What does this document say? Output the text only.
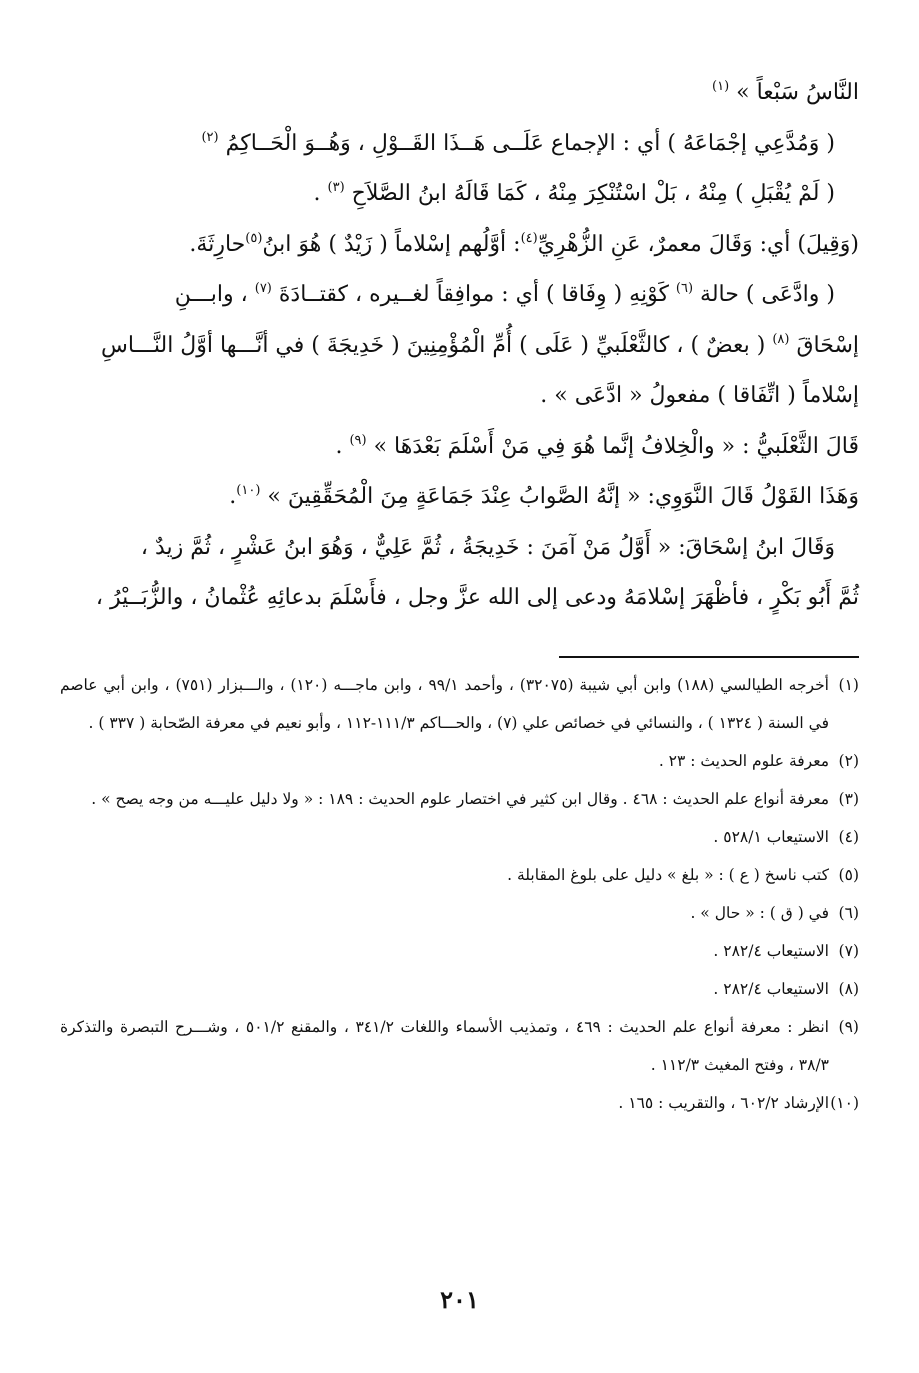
النَّاسُ سَبْعاً » $^{(١)}$

( وَمُدَّعِي إجْمَاعَهُ ) أي : الإجماع عَلَــى هَــذَا القَــوْلِ ، وَهُــوَ الْحَــاكِمُ $^{(٢)}$

( لَمْ يُقْبَلِ ) مِنْهُ ، بَلْ اسْتُنْكِرَ مِنْهُ ، كَمَا قَالَهُ ابنُ الصَّلاَحِ $^{(٣)}$ .

(وَقِيلَ) أي: وَقَالَ معمرٌ، عَنِ الزُّهْرِيِّ$^{(٤)}$: أوَّلُهم إسْلاماً ( زَيْدٌ ) هُوَ ابنُ$^{(٥)}$حارِثَةَ.

( وادَّعَى ) حالة $^{(٦)}$ كَوْنِهِ ( وِفَاقا ) أي : موافِقاً لغــيره ، كقتــادَةَ $^{(٧)}$ ، وابـــنِ

إسْحَاقَ $^{(٨)}$ ( بعضٌ ) ، كالثَّعْلَبيِّ ( عَلَى ) أُمِّ الْمُؤْمِنِينَ ( خَدِيجَةَ ) في أنَّـــها أوَّلُ النَّـــاسِ

إسْلاماً ( اتِّفَاقا ) مفعولُ « ادَّعَى » .

قَالَ الثَّعْلَبيُّ : « والْخِلافُ إنَّما هُوَ فِي مَنْ أَسْلَمَ بَعْدَهَا » $^{(٩)}$ .

وَهَذَا القَوْلُ قَالَ النَّوَوِي: « إنَّهُ الصَّوابُ عِنْدَ جَمَاعَةٍ مِنَ الْمُحَقِّقِينَ » $^{(١٠)}$.

وَقَالَ ابنُ إسْحَاقَ: « أَوَّلُ مَنْ آمَنَ : خَدِيجَةُ ، ثُمَّ عَلِيٌّ ، وَهُوَ ابنُ عَشْرٍ ، ثُمَّ زيدٌ ،

ثُمَّ أَبُو بَكْرٍ ، فأظْهَرَ إسْلامَهُ ودعى إلى الله عزَّ وجل ، فأَسْلَمَ بدعائِهِ عُثْمانُ ، والزُّبَــيْرُ ،

(١)أخرجه الطيالسي (١٨٨) وابن أبي شيبة (٣٢٠٧٥) ، وأحمد ٩٩/١ ، وابن ماجـــه (١٢٠) ، والـــبزار (٧٥١) ، وابن أبي عاصم في السنة ( ١٣٢٤ ) ، والنسائي في خصائص علي (٧) ، والحـــاكم ١١١/٣-١١٢ ، وأبو نعيم في معرفة الصّحابة ( ٣٣٧ ) .

(٢)معرفة علوم الحديث : ٢٣ .

(٣)معرفة أنواع علم الحديث : ٤٦٨ . وقال ابن كثير في اختصار علوم الحديث : ١٨٩ : « ولا دليل عليـــه من وجه يصح » .

(٤)الاستيعاب ٥٢٨/١ .

(٥)كتب ناسخ ( ع ) : « بلغ » دليل على بلوغ المقابلة .

(٦)في ( ق ) : « حال » .

(٧)الاستيعاب ٢٨٢/٤ .

(٨)الاستيعاب ٢٨٢/٤ .

(٩)انظر : معرفة أنواع علم الحديث : ٤٦٩ ، وتمذيب الأسماء واللغات ٣٤١/٢ ، والمقنع ٥٠١/٢ ، وشـــرح التبصرة والتذكرة ٣٨/٣ ، وفتح المغيث ١١٢/٣ .

(١٠)الإرشاد ٦٠٢/٢ ، والتقريب : ١٦٥ .

٢٠١
